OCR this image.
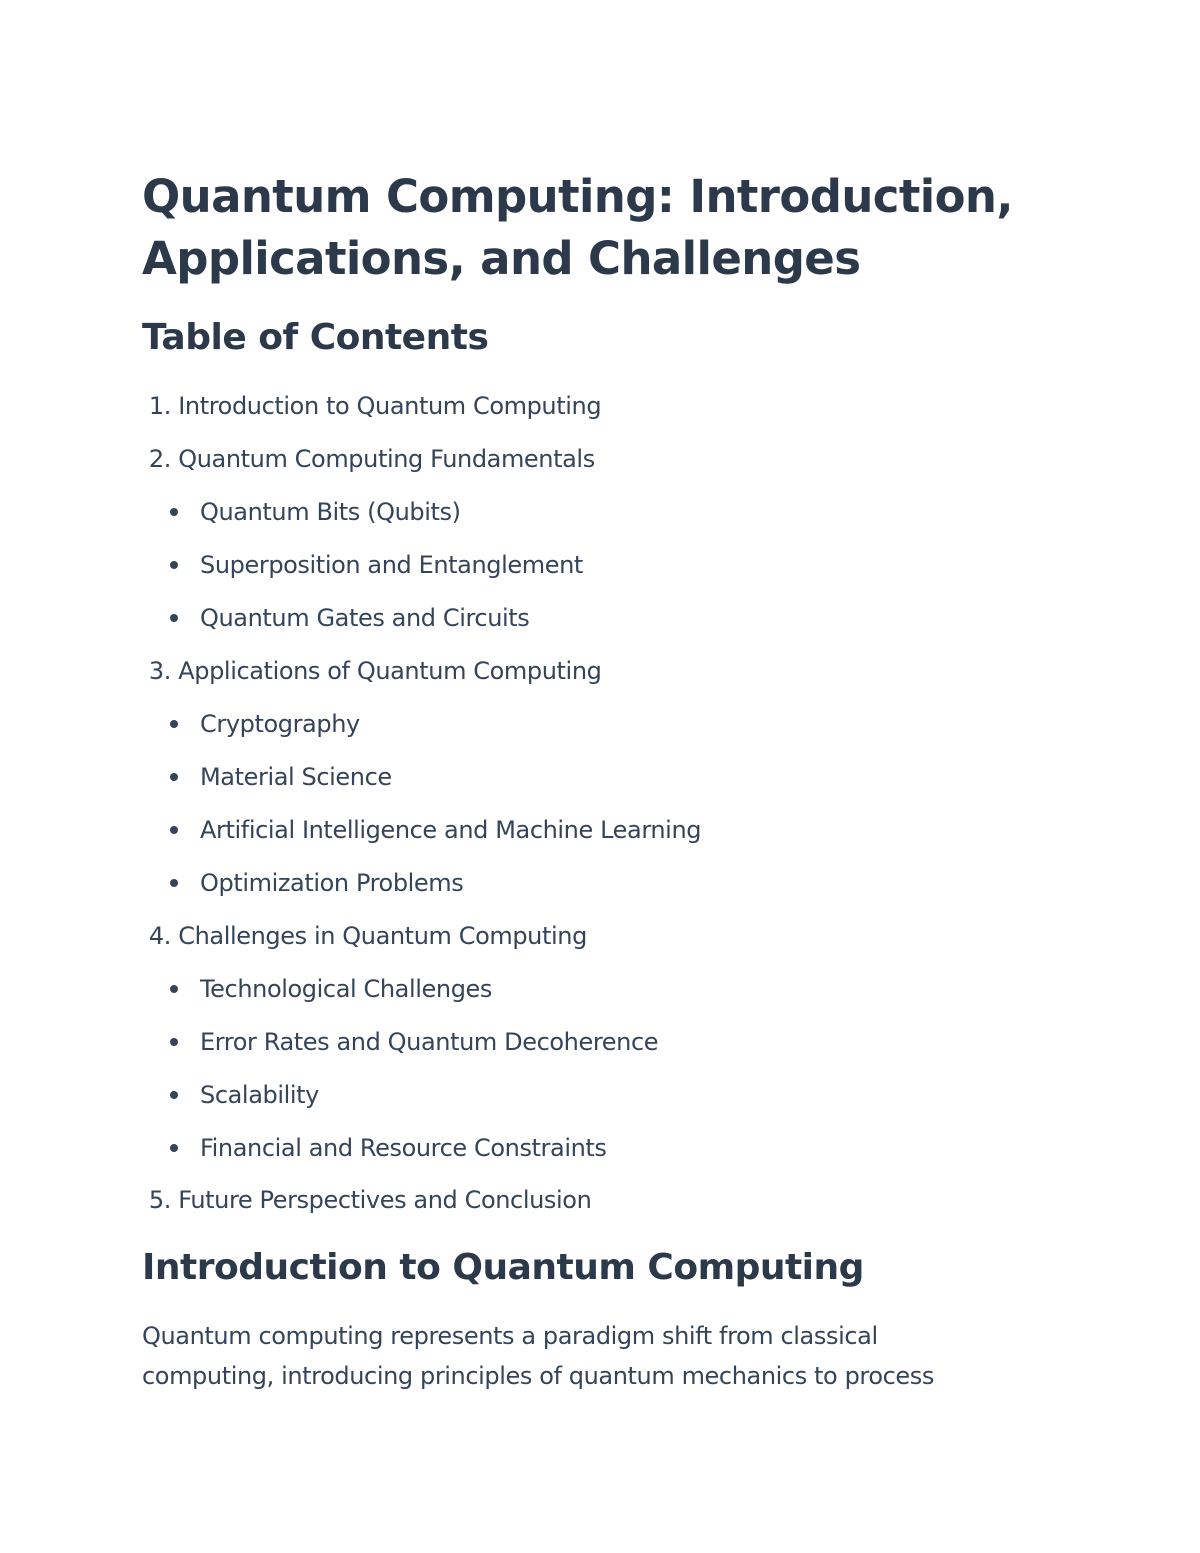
Quantum Computing: Introduction, Applications, and Challenges
Table of Contents
1. Introduction to Quantum Computing
2. Quantum Computing Fundamentals
Quantum Bits (Qubits)
Superposition and Entanglement
Quantum Gates and Circuits
3. Applications of Quantum Computing
Cryptography
Material Science
Artificial Intelligence and Machine Learning
Optimization Problems
4. Challenges in Quantum Computing
Technological Challenges
Error Rates and Quantum Decoherence
Scalability
Financial and Resource Constraints
5. Future Perspectives and Conclusion
Introduction to Quantum Computing

Quantum computing represents a paradigm shift from classical computing, introducing principles of quantum mechanics to process
